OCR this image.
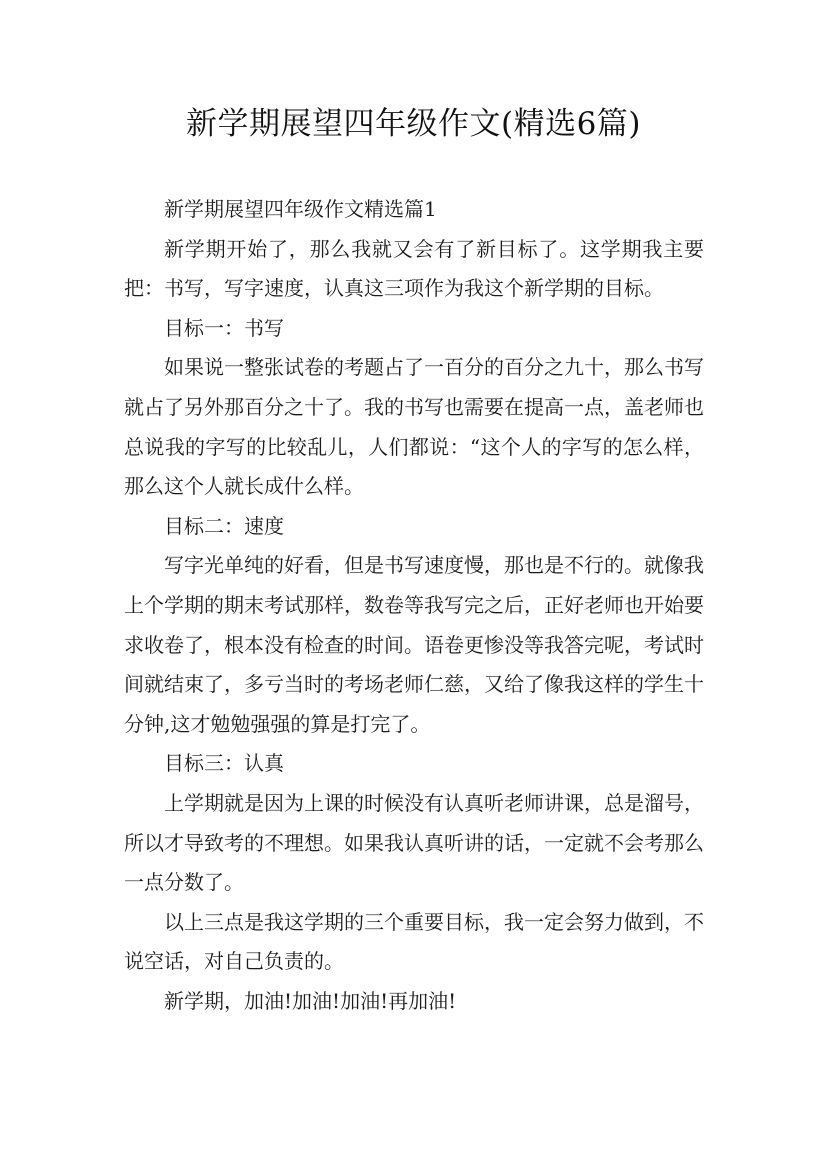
新学期展望四年级作文(精选6篇)

新学期展望四年级作文精选篇1

新学期开始了，那么我就又会有了新目标了。这学期我主要把：书写，写字速度，认真这三项作为我这个新学期的目标。

目标一：书写

如果说一整张试卷的考题占了一百分的百分之九十，那么书写就占了另外那百分之十了。我的书写也需要在提高一点，盖老师也总说我的字写的比较乱儿，人们都说：“这个人的字写的怎么样，那么这个人就长成什么样。

目标二：速度

写字光单纯的好看，但是书写速度慢，那也是不行的。就像我上个学期的期末考试那样，数卷等我写完之后，正好老师也开始要求收卷了，根本没有检查的时间。语卷更惨没等我答完呢，考试时间就结束了，多亏当时的考场老师仁慈，又给了像我这样的学生十分钟,这才勉勉强强的算是打完了。

目标三：认真

上学期就是因为上课的时候没有认真听老师讲课，总是溜号，所以才导致考的不理想。如果我认真听讲的话，一定就不会考那么一点分数了。

以上三点是我这学期的三个重要目标，我一定会努力做到，不说空话，对自己负责的。

新学期，加油!加油!加油!再加油!
